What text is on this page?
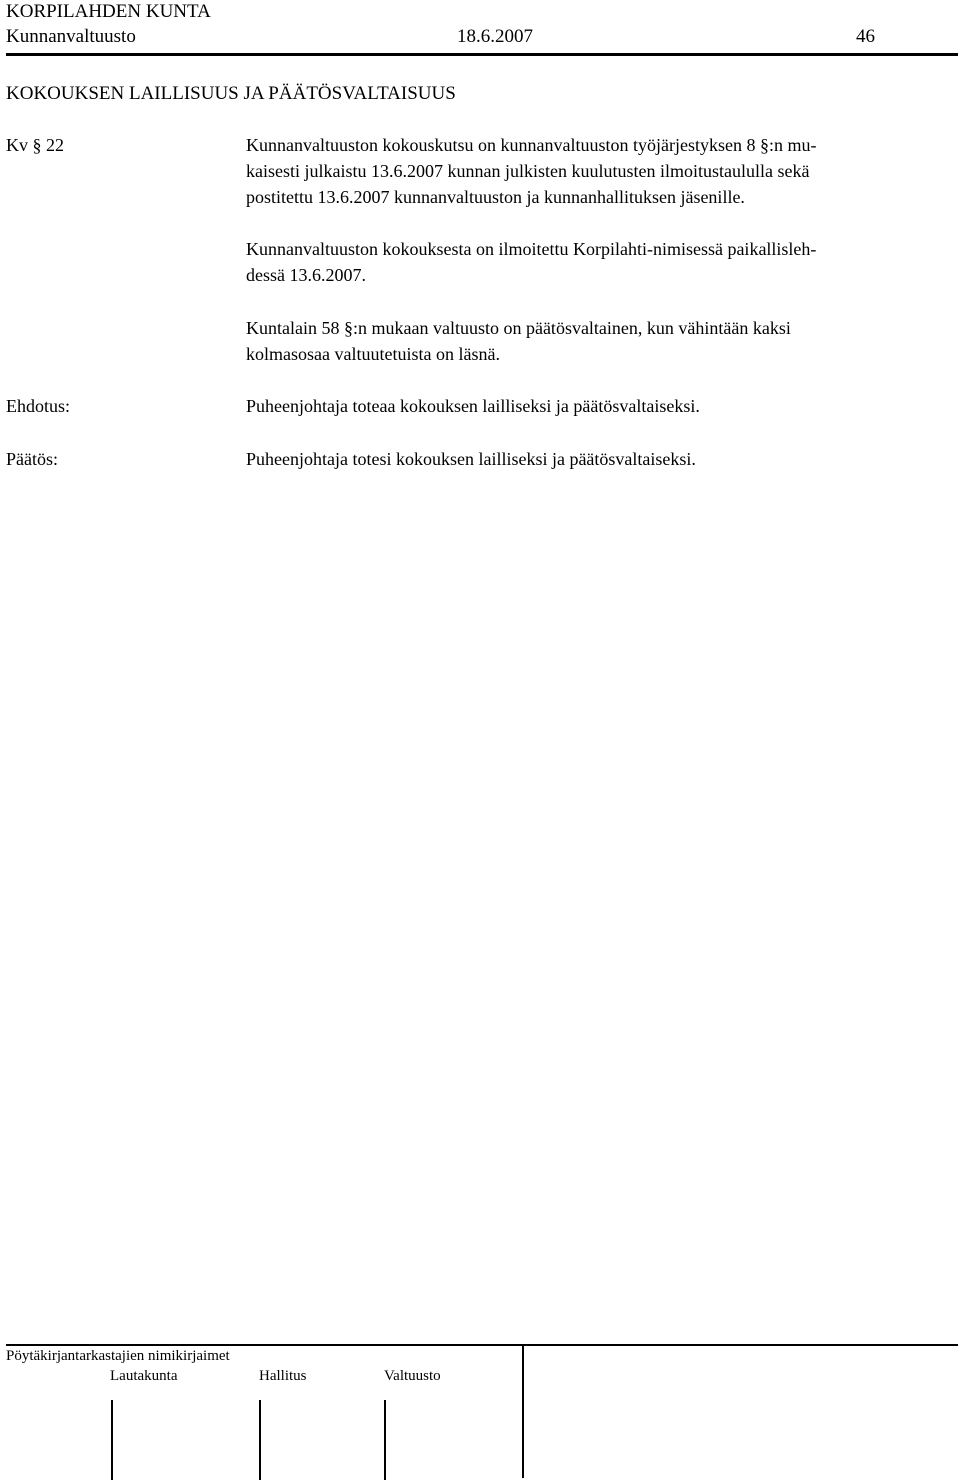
KORPILAHDEN KUNTA
Kunnanvaltuusto	18.6.2007	46
KOKOUKSEN LAILLISUUS JA PÄÄTÖSVALTAISUUS
Kv § 22	Kunnanvaltuuston kokouskutsu on kunnanvaltuuston työjärjestyksen 8 §:n mu-
kaisesti julkaistu 13.6.2007 kunnan julkisten kuulutusten ilmoitustaululla sekä
postitettu 13.6.2007 kunnanvaltuuston ja kunnanhallituksen jäsenille.
Kunnanvaltuuston kokouksesta on ilmoitettu Korpilahti-nimisessä paikallisleh-
dessä 13.6.2007.
Kuntalain 58 §:n mukaan valtuusto on päätösvaltainen, kun vähintään kaksi
kolmasosaa valtuutetuista on läsnä.
Ehdotus:	Puheenjohtaja toteaa kokouksen lailliseksi ja päätösvaltaiseksi.
Päätös:	Puheenjohtaja totesi kokouksen lailliseksi ja päätösvaltaiseksi.
Pöytäkirjantarkastajien nimikirjaimet
Lautakunta	Hallitus	Valtuusto
